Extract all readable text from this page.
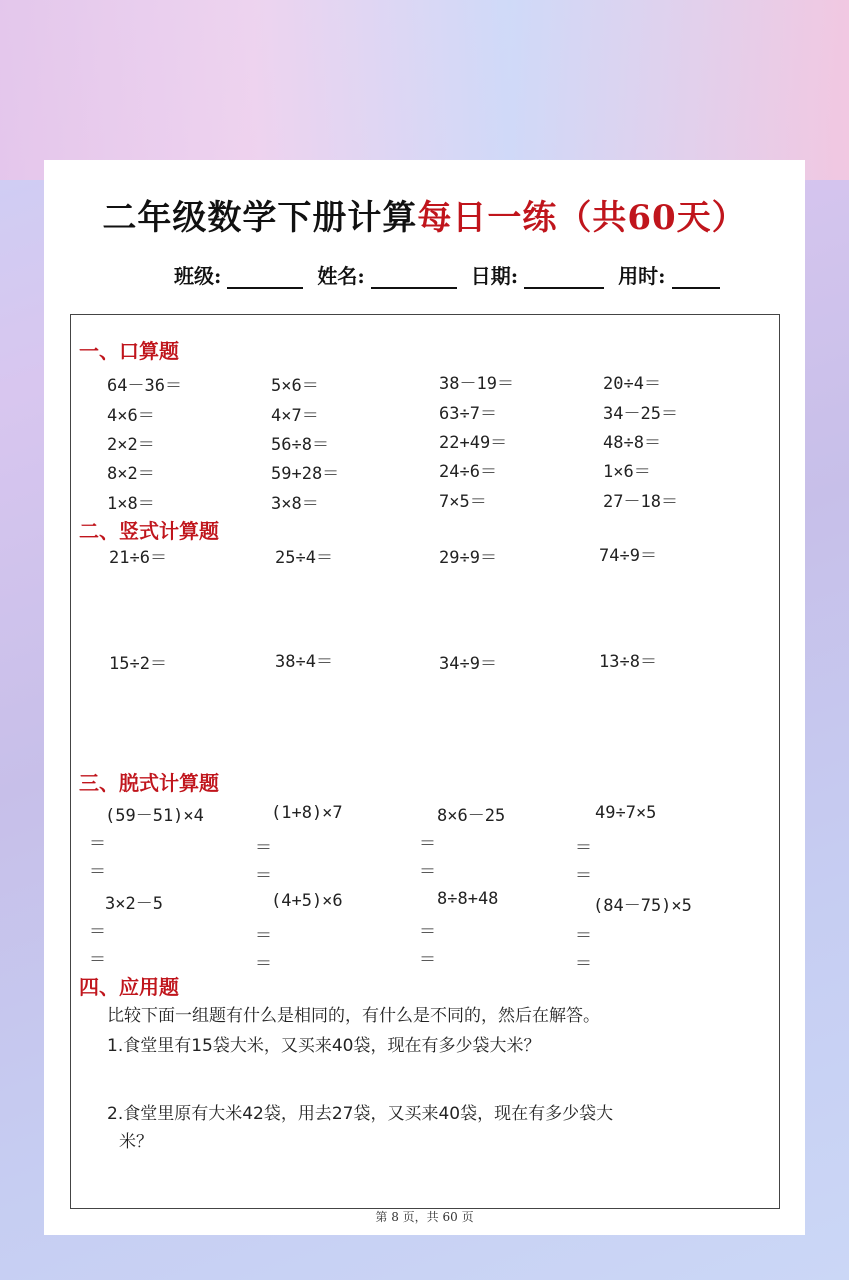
二年级数学下册计算每日一练（共60天）
班级:	姓名:	日期:	用时:
一、口算题
64－36＝	5×6＝	38－19＝	20÷4＝
4×6＝	4×7＝	63÷7＝	34－25＝
2×2＝	56÷8＝	22+49＝	48÷8＝
8×2＝	59+28＝	24÷6＝	1×6＝
1×8＝	3×8＝	7×5＝	27－18＝
二、竖式计算题
21÷6＝	25÷4＝	29÷9＝	74÷9＝
15÷2＝	38÷4＝	34÷9＝	13÷8＝
三、脱式计算题
(59－51)×4	(1+8)×7	8×6－25	49÷7×5
＝	＝	＝	＝
＝	＝	＝	＝
3×2－5	(4+5)×6	8÷8+48	(84－75)×5
＝	＝	＝	＝
＝	＝	＝	＝
四、应用题
比较下面一组题有什么是相同的，有什么是不同的，然后在解答。
1.食堂里有15袋大米，又买来40袋，现在有多少袋大米？
2.食堂里原有大米42袋，用去27袋，又买来40袋，现在有多少袋大
米？
第 8 页，共 60 页
